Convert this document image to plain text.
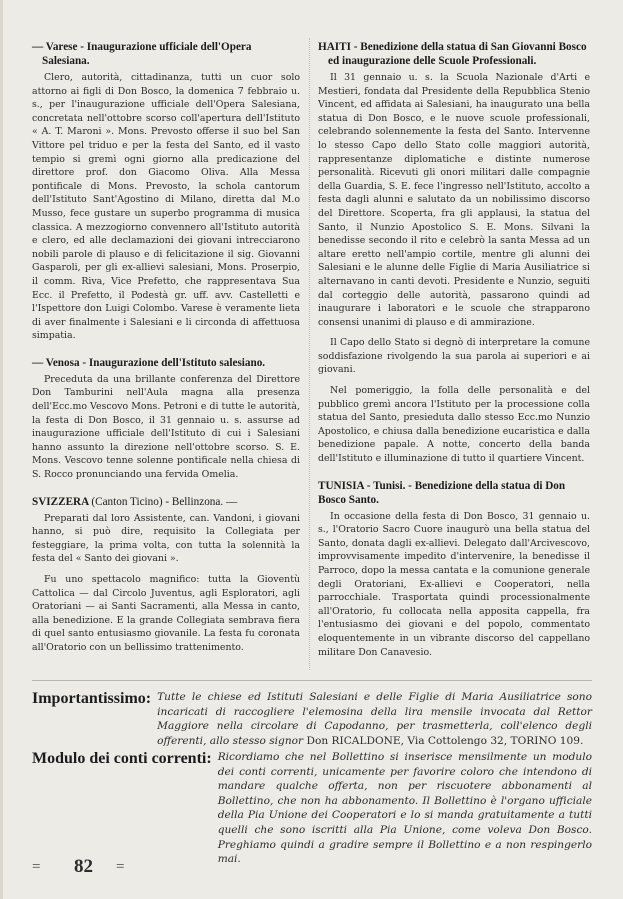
— Varese - Inaugurazione ufficiale dell'Opera Salesiana.

Clero, autorità, cittadinanza, tutti un cuor solo attorno ai figli di Don Bosco, la domenica 7 febbraio u. s., per l'inaugurazione ufficiale dell'Opera Salesiana, concretata nell'ottobre scorso coll'apertura dell'Istituto « A. T. Maroni ». Mons. Prevosto offerse il suo bel San Vittore pel triduo e per la festa del Santo, ed il vasto tempio si gremì ogni giorno alla predicazione del direttore prof. don Giacomo Oliva. Alla Messa pontificale di Mons. Prevosto, la schola cantorum dell'Istituto Sant'Agostino di Milano, diretta dal M.o Musso, fece gustare un superbo programma di musica classica. A mezzogiorno convennero all'Istituto autorità e clero, ed alle declamazioni dei giovani intrecciarono nobili parole di plauso e di felicitazione il sig. Giovanni Gasparoli, per gli ex-allievi salesiani, Mons. Proserpio, il comm. Riva, Vice Prefetto, che rappresentava Sua Ecc. il Prefetto, il Podestà gr. uff. avv. Castelletti e l'Ispettore don Luigi Colombo. Varese è veramente lieta di aver finalmente i Salesiani e li circonda di affettuosa simpatia.

— Venosa - Inaugurazione dell'Istituto salesiano.

Preceduta da una brillante conferenza del Direttore Don Tamburini nell'Aula magna alla presenza dell'Ecc.mo Vescovo Mons. Petroni e di tutte le autorità, la festa di Don Bosco, il 31 gennaio u. s. assurse ad inaugurazione ufficiale dell'Istituto di cui i Salesiani hanno assunto la direzione nell'ottobre scorso. S. E. Mons. Vescovo tenne solenne pontificale nella chiesa di S. Rocco pronunciando una fervida Omelia.

SVIZZERA (Canton Ticino) - Bellinzona. —

Preparati dal loro Assistente, can. Vandoni, i giovani hanno, si può dire, requisito la Collegiata per festeggiare, la prima volta, con tutta la solennità la festa del « Santo dei giovani ».

Fu uno spettacolo magnifico: tutta la Gioventù Cattolica — dal Circolo Juventus, agli Esploratori, agli Oratoriani — ai Santi Sacramenti, alla Messa in canto, alla benedizione. E la grande Collegiata sembrava fiera di quel santo entusiasmo giovanile. La festa fu coronata all'Oratorio con un bellissimo trattenimento.

HAITI - Benedizione della statua di San Giovanni Bosco ed inaugurazione delle Scuole Professionali.

Il 31 gennaio u. s. la Scuola Nazionale d'Arti e Mestieri, fondata dal Presidente della Repubblica Stenio Vincent, ed affidata ai Salesiani, ha inaugurato una bella statua di Don Bosco, e le nuove scuole professionali, celebrando solennemente la festa del Santo. Intervenne lo stesso Capo dello Stato colle maggiori autorità, rappresentanze diplomatiche e distinte numerose personalità. Ricevuti gli onori militari dalle compagnie della Guardia, S. E. fece l'ingresso nell'Istituto, accolto a festa dagli alunni e salutato da un nobilissimo discorso del Direttore. Scoperta, fra gli applausi, la statua del Santo, il Nunzio Apostolico S. E. Mons. Silvani la benedisse secondo il rito e celebrò la santa Messa ad un altare eretto nell'ampio cortile, mentre gli alunni dei Salesiani e le alunne delle Figlie di Maria Ausiliatrice si alternavano in canti devoti. Presidente e Nunzio, seguiti dal corteggio delle autorità, passarono quindi ad inaugurare i laboratori e le scuole che strapparono consensi unanimi di plauso e di ammirazione.

Il Capo dello Stato si degnò di interpretare la comune soddisfazione rivolgendo la sua parola ai superiori e ai giovani.

Nel pomeriggio, la folla delle personalità e del pubblico gremì ancora l'Istituto per la processione colla statua del Santo, presieduta dallo stesso Ecc.mo Nunzio Apostolico, e chiusa dalla benedizione eucaristica e dalla benedizione papale. A notte, concerto della banda dell'Istituto e illuminazione di tutto il quartiere Vincent.

TUNISIA - Tunisi. - Benedizione della statua di Don Bosco Santo.

In occasione della festa di Don Bosco, 31 gennaio u. s., l'Oratorio Sacro Cuore inaugurò una bella statua del Santo, donata dagli ex-allievi. Delegato dall'Arcivescovo, improvvisamente impedito d'intervenire, la benedisse il Parroco, dopo la messa cantata e la comunione generale degli Oratoriani, Ex-allievi e Cooperatori, nella parrocchiale. Trasportata quindi processionalmente all'Oratorio, fu collocata nella apposita cappella, fra l'entusiasmo dei giovani e del popolo, commentato eloquentemente in un vibrante discorso del cappellano militare Don Canavesio.

Importantissimo: Tutte le chiese ed Istituti Salesiani e delle Figlie di Maria Ausiliatrice sono incaricati di raccogliere l'elemosina della lira mensile invocata dal Rettor Maggiore nella circolare di Capodanno, per trasmetterla, coll'elenco degli offerenti, allo stesso signor Don RICALDONE, Via Cottolengo 32, TORINO 109.
Modulo dei conti correnti: Ricordiamo che nel Bollettino si inserisce mensilmente un modulo dei conti correnti, unicamente per favorire coloro che intendono di mandare qualche offerta, non per riscuotere abbonamenti al Bollettino, che non ha abbonamento. Il Bollettino è l'organo ufficiale della Pia Unione dei Cooperatori e lo si manda gratuitamente a tutti quelli che sono iscritti alla Pia Unione, come voleva Don Bosco. Preghiamo quindi a gradire sempre il Bollettino e a non respingerlo mai.
= 82 =
